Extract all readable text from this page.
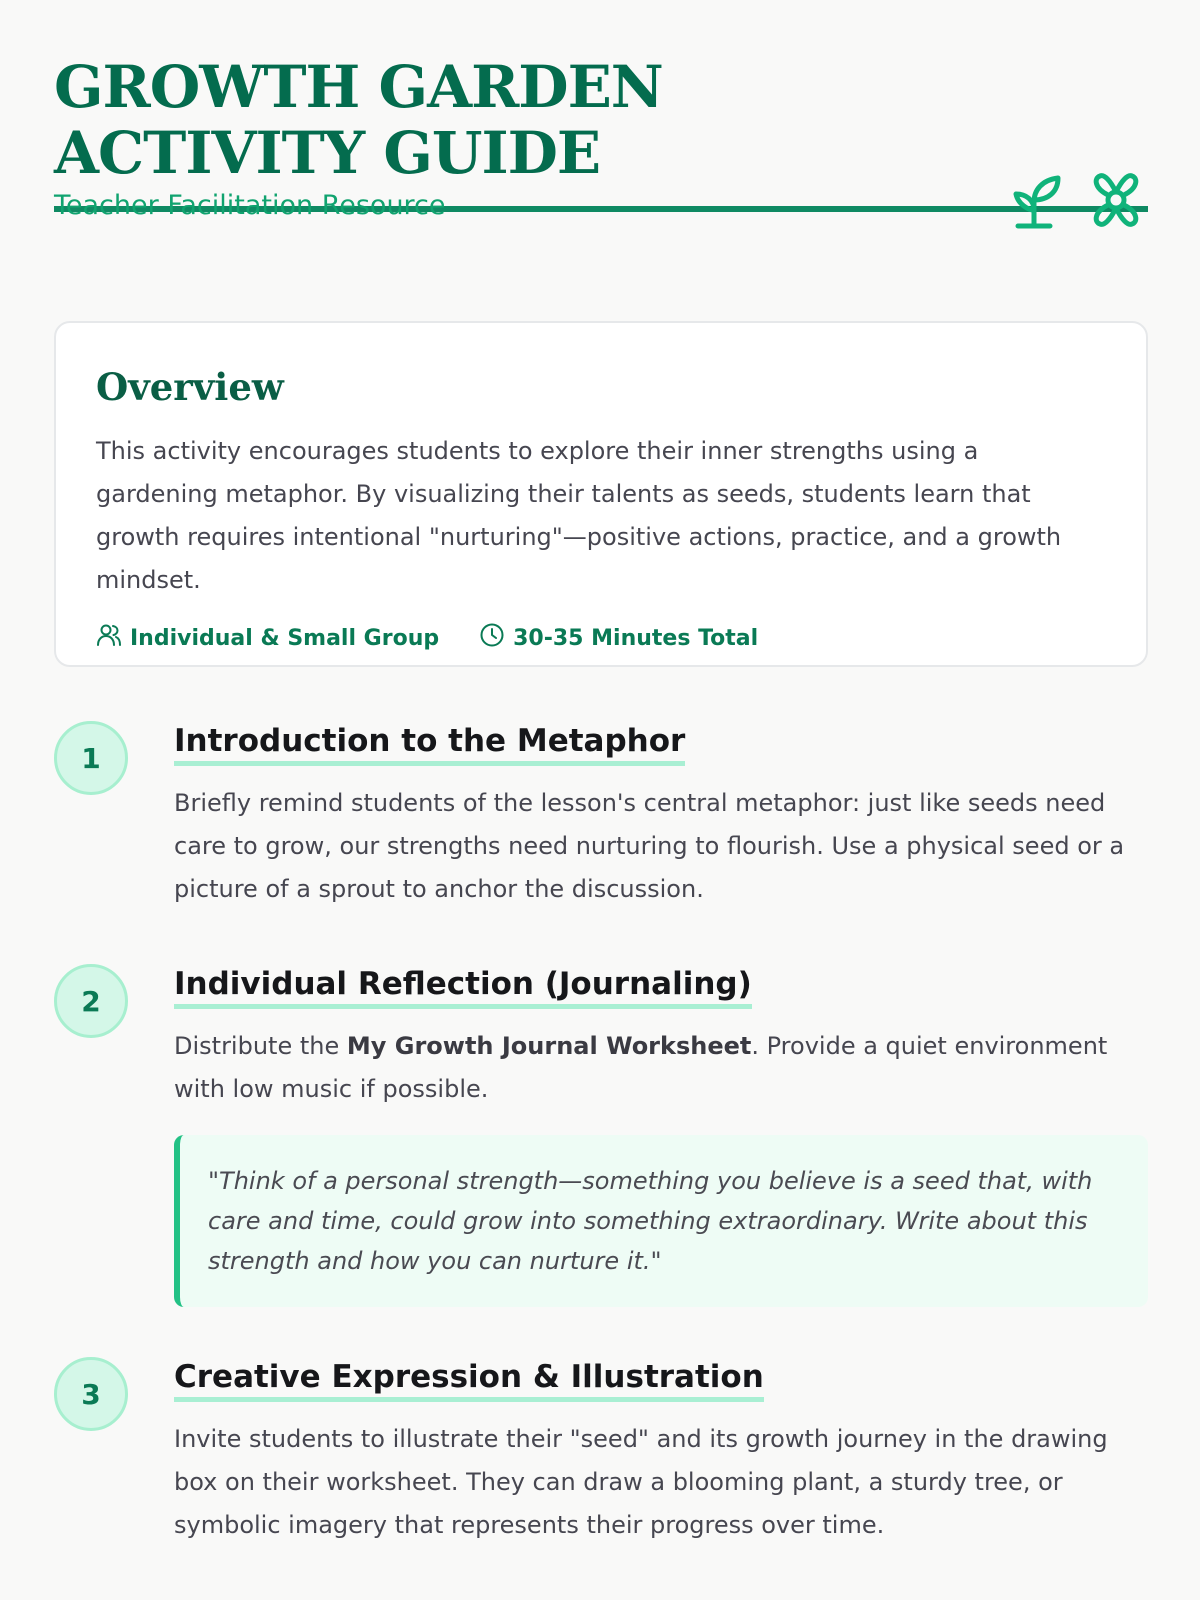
GROWTH GARDEN ACTIVITY GUIDE
Teacher Facilitation Resource
Overview

This activity encourages students to explore their inner strengths using a gardening metaphor. By visualizing their talents as seeds, students learn that growth requires intentional "nurturing"—positive actions, practice, and a growth mindset.

Individual & Small Group	30-35 Minutes Total
1	Introduction to the Metaphor

Briefly remind students of the lesson's central metaphor: just like seeds need care to grow, our strengths need nurturing to flourish. Use a physical seed or a picture of a sprout to anchor the discussion.

2	Individual Reflection (Journaling)

Distribute the My Growth Journal Worksheet. Provide a quiet environment with low music if possible.

"Think of a personal strength—something you believe is a seed that, with care and time, could grow into something extraordinary. Write about this strength and how you can nurture it."
3	Creative Expression & Illustration

Invite students to illustrate their "seed" and its growth journey in the drawing box on their worksheet. They can draw a blooming plant, a sturdy tree, or symbolic imagery that represents their progress over time.
